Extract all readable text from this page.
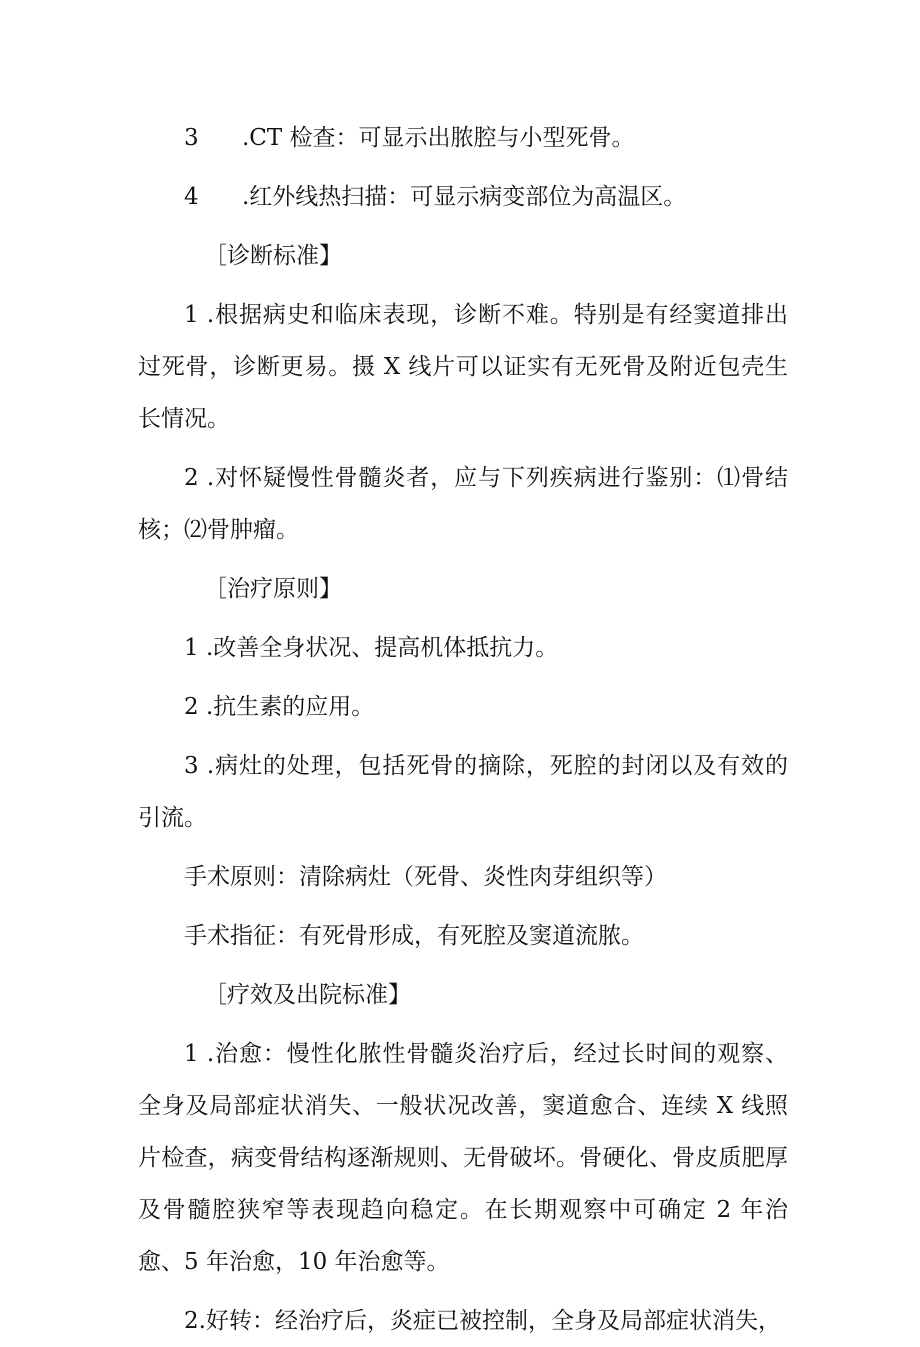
3 .CT 检查：可显示出脓腔与小型死骨。

4 .红外线热扫描：可显示病变部位为高温区。

［诊断标准】

1 .根据病史和临床表现，诊断不难。特别是有经窦道排出过死骨，诊断更易。摄 X 线片可以证实有无死骨及附近包壳生长情况。

2 .对怀疑慢性骨髓炎者，应与下列疾病进行鉴别：⑴骨结核；⑵骨肿瘤。

［治疗原则】

1 .改善全身状况、提高机体抵抗力。

2 .抗生素的应用。

3 .病灶的处理，包括死骨的摘除，死腔的封闭以及有效的引流。

手术原则：清除病灶（死骨、炎性肉芽组织等）

手术指征：有死骨形成，有死腔及窦道流脓。

［疗效及出院标准】

1 .治愈：慢性化脓性骨髓炎治疗后，经过长时间的观察、全身及局部症状消失、一般状况改善，窦道愈合、连续 X 线照片检查，病变骨结构逐渐规则、无骨破坏。骨硬化、骨皮质肥厚及骨髓腔狭窄等表现趋向稳定。在长期观察中可确定 2 年治愈、5 年治愈，10 年治愈等。

2.好转：经治疗后，炎症已被控制，全身及局部症状消失，
